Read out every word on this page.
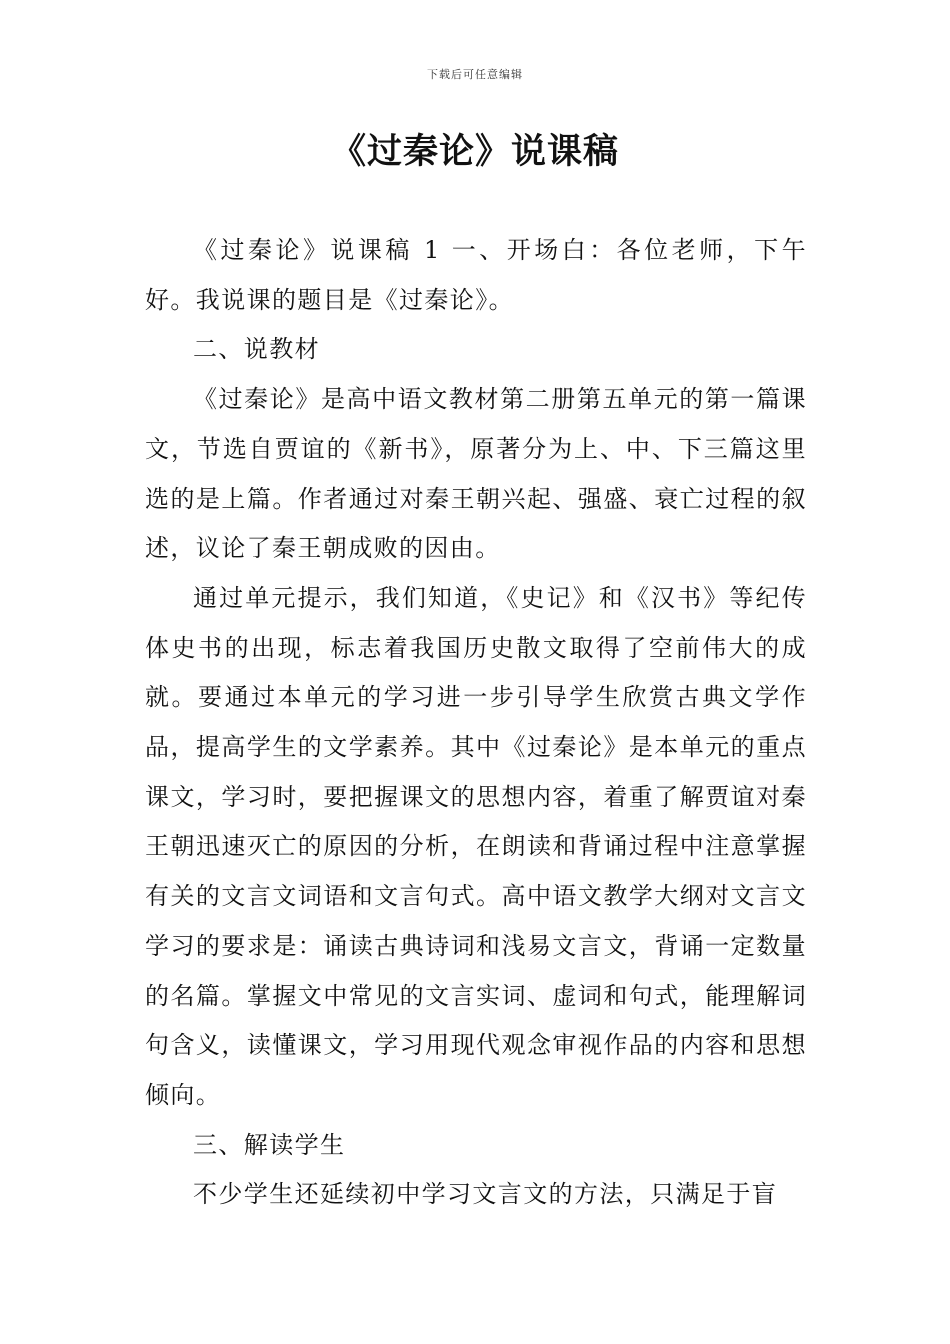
下载后可任意编辑
《过秦论》说课稿

《过秦论》说课稿 1 一、开场白：各位老师，下午好。我说课的题目是《过秦论》。

二、说教材

《过秦论》是高中语文教材第二册第五单元的第一篇课文，节选自贾谊的《新书》，原著分为上、中、下三篇这里选的是上篇。作者通过对秦王朝兴起、强盛、衰亡过程的叙述，议论了秦王朝成败的因由。

通过单元提示，我们知道，《史记》和《汉书》等纪传体史书的出现，标志着我国历史散文取得了空前伟大的成就。要通过本单元的学习进一步引导学生欣赏古典文学作品，提高学生的文学素养。其中《过秦论》是本单元的重点课文，学习时，要把握课文的思想内容，着重了解贾谊对秦王朝迅速灭亡的原因的分析，在朗读和背诵过程中注意掌握有关的文言文词语和文言句式。高中语文教学大纲对文言文学习的要求是：诵读古典诗词和浅易文言文，背诵一定数量的名篇。掌握文中常见的文言实词、虚词和句式，能理解词句含义，读懂课文，学习用现代观念审视作品的内容和思想倾向。

三、解读学生

不少学生还延续初中学习文言文的方法，只满足于盲
